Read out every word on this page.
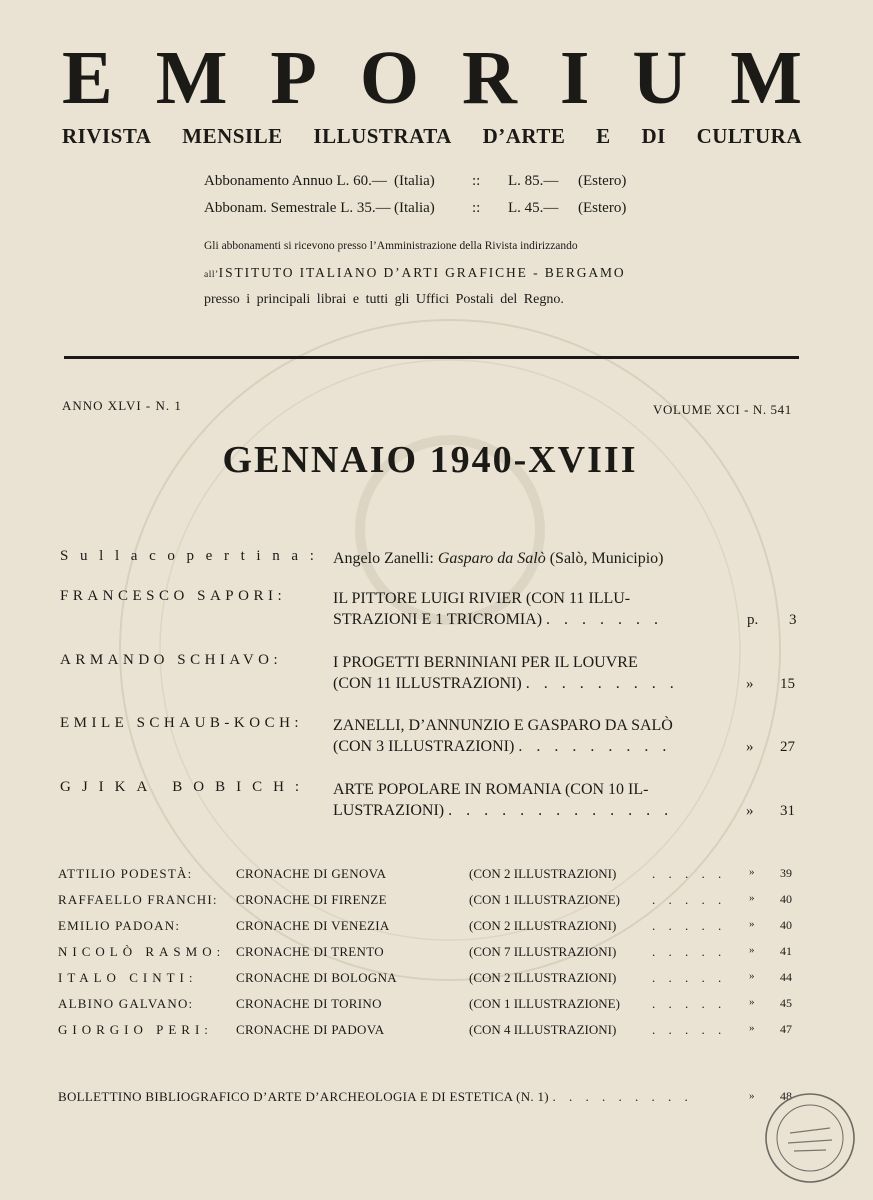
E M P O R I U M
RIVISTA MENSILE ILLUSTRATA D’ARTE E DI CULTURA
Abbonamento Annuo L. 60.— (Italia)	::	L. 85.—	(Estero)
Abbonam. Semestrale L. 35.— (Italia)	::	L. 45.—	(Estero)
Gli abbonamenti si ricevono presso l’Amministrazione della Rivista indirizzando
all’ISTITUTO ITALIANO D’ARTI GRAFICHE - BERGAMO
presso i principali librai e tutti gli Uffici Postali del Regno.
ANNO XLVI - N. 1	VOLUME XCI - N. 541
GENNAIO 1940-XVIII
S u l l a c o p e r t i n a : Angelo Zanelli: Gasparo da Salò (Salò, Municipio)
FRANCESCO SAPORI:	IL PITTORE LUIGI RIVIER (CON 11 ILLU-
STRAZIONI E 1 TRICROMIA) . . . . . . .	p. 3
ARMANDO SCHIAVO:	I PROGETTI BERNINIANI PER IL LOUVRE
(CON 11 ILLUSTRAZIONI) . . . . . . . . .	» 15
EMILE SCHAUB-KOCH:	ZANELLI, D’ANNUNZIO E GASPARO DA SALÒ
(CON 3 ILLUSTRAZIONI) . . . . . . . . .	» 27
GJIKA BOBICH:	ARTE POPOLARE IN ROMANIA (CON 10 IL-
LUSTRAZIONI) . . . . . . . . . . . . .	» 31
ATTILIO PODESTÀ:	CRONACHE DI GENOVA	(CON 2 ILLUSTRAZIONI)	. . . . . » 39
RAFFAELLO FRANCHI:	CRONACHE DI FIRENZE	(CON 1 ILLUSTRAZIONE) . . . . . » 40
EMILIO PADOAN:	CRONACHE DI VENEZIA	(CON 2 ILLUSTRAZIONI)	. . . . . » 40
NICOLÒ RASMO: CRONACHE DI TRENTO	(CON 7 ILLUSTRAZIONI)	. . . . . » 41
ITALO CINTI:	CRONACHE DI BOLOGNA	(CON 2 ILLUSTRAZIONI)	. . . . . » 44
ALBINO GALVANO:	CRONACHE DI TORINO	(CON 1 ILLUSTRAZIONE) . . . . . » 45
GIORGIO PERI:	CRONACHE DI PADOVA	(CON 4 ILLUSTRAZIONI)	. . . . . » 47
BOLLETTINO BIBLIOGRAFICO D’ARTE D’ARCHEOLOGIA E DI ESTETICA (N. 1) . . . . . . . . .	» 48
